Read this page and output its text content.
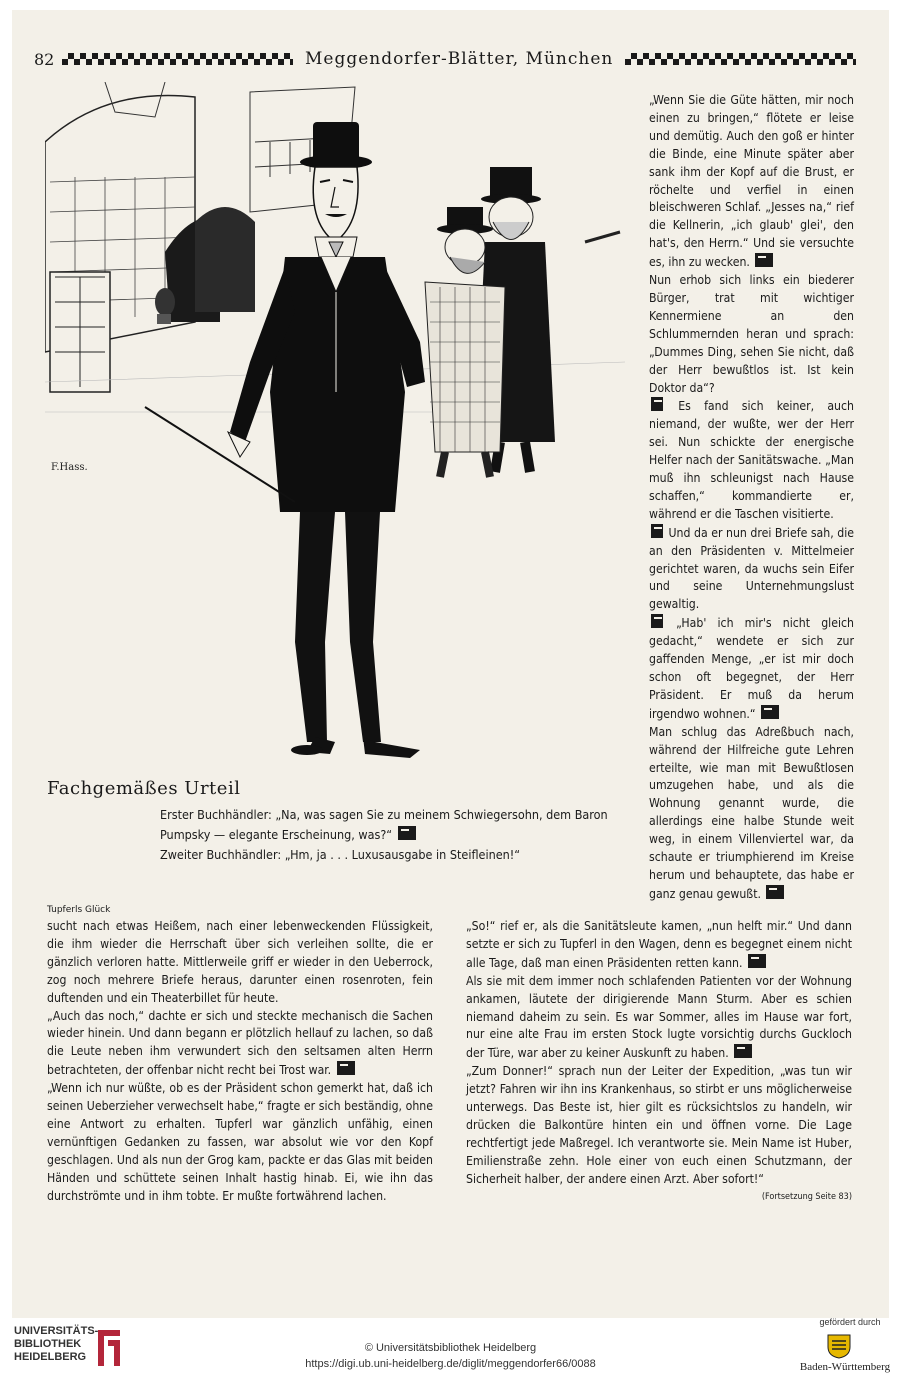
82	Meggendorfer-Blätter, München
F.Hass.

„Wenn Sie die Güte hätten, mir noch einen zu bringen,“ flötete er leise und demütig. Auch den goß er hinter die Binde, eine Minute später aber sank ihm der Kopf auf die Brust, er röchelte und verfiel in einen bleischweren Schlaf. „Jesses na,“ rief die Kellnerin, „ich glaub' glei', den hat's, den Herrn.“ Und sie versuchte es, ihn zu wecken.

Nun erhob sich links ein biederer Bürger, trat mit wichtiger Kennermiene an den Schlummernden heran und sprach: „Dummes Ding, sehen Sie nicht, daß der Herr bewußtlos ist. Ist kein Doktor da“?

Es fand sich keiner, auch niemand, der wußte, wer der Herr sei. Nun schickte der energische Helfer nach der Sanitätswache. „Man muß ihn schleunigst nach Hause schaffen,“ kommandierte er, während er die Taschen visitierte.

Und da er nun drei Briefe sah, die an den Präsidenten v. Mittelmeier gerichtet waren, da wuchs sein Eifer und seine Unternehmungslust gewaltig.

„Hab' ich mir's nicht gleich gedacht,“ wendete er sich zur gaffenden Menge, „er ist mir doch schon oft begegnet, der Herr Präsident. Er muß da herum irgendwo wohnen.“

Man schlug das Adreßbuch nach, während der Hilfreiche gute Lehren erteilte, wie man mit Bewußtlosen umzugehen habe, und als die Wohnung genannt wurde, die allerdings eine halbe Stunde weit weg, in einem Villenviertel war, da schaute er triumphierend im Kreise herum und behauptete, das habe er ganz genau gewußt.

Fachgemäßes Urteil
Erster Buchhändler: „Na, was sagen Sie zu meinem Schwiegersohn, dem Baron Pumpsky — elegante Erscheinung, was?“
Zweiter Buchhändler: „Hm, ja . . . Luxusausgabe in Steifleinen!“
Tupferls Glück

sucht nach etwas Heißem, nach einer lebenweckenden Flüssigkeit, die ihm wieder die Herrschaft über sich verleihen sollte, die er gänzlich verloren hatte. Mittlerweile griff er wieder in den Ueberrock, zog noch mehrere Briefe heraus, darunter einen rosenroten, fein duftenden und ein Theaterbillet für heute.

„Auch das noch,“ dachte er sich und steckte mechanisch die Sachen wieder hinein. Und dann begann er plötzlich hellauf zu lachen, so daß die Leute neben ihm verwundert sich den seltsamen alten Herrn betrachteten, der offenbar nicht recht bei Trost war.

„Wenn ich nur wüßte, ob es der Präsident schon gemerkt hat, daß ich seinen Ueberzieher verwechselt habe,“ fragte er sich beständig, ohne eine Antwort zu erhalten. Tupferl war gänzlich unfähig, einen vernünftigen Gedanken zu fassen, war absolut wie vor den Kopf geschlagen. Und als nun der Grog kam, packte er das Glas mit beiden Händen und schüttete seinen Inhalt hastig hinab. Ei, wie ihn das durchströmte und in ihm tobte. Er mußte fortwährend lachen.

„So!“ rief er, als die Sanitätsleute kamen, „nun helft mir.“ Und dann setzte er sich zu Tupferl in den Wagen, denn es begegnet einem nicht alle Tage, daß man einen Präsidenten retten kann.

Als sie mit dem immer noch schlafenden Patienten vor der Wohnung ankamen, läutete der dirigierende Mann Sturm. Aber es schien niemand daheim zu sein. Es war Sommer, alles im Hause war fort, nur eine alte Frau im ersten Stock lugte vorsichtig durchs Guckloch der Türe, war aber zu keiner Auskunft zu haben.

„Zum Donner!“ sprach nun der Leiter der Expedition, „was tun wir jetzt? Fahren wir ihn ins Krankenhaus, so stirbt er uns möglicherweise unterwegs. Das Beste ist, hier gilt es rücksichtslos zu handeln, wir drücken die Balkontüre hinten ein und öffnen vorne. Die Lage rechtfertigt jede Maßregel. Ich verantworte sie. Mein Name ist Huber, Emilienstraße zehn. Hole einer von euch einen Schutzmann, der Sicherheit halber, der andere einen Arzt. Aber sofort!“

(Fortsetzung Seite 83)

UNIVERSITÄTS-
BIBLIOTHEK
HEIDELBERG
© Universitätsbibliothek Heidelberg
https://digi.ub.uni-heidelberg.de/diglit/meggendorfer66/0088
gefördert durch
Baden-Württemberg
